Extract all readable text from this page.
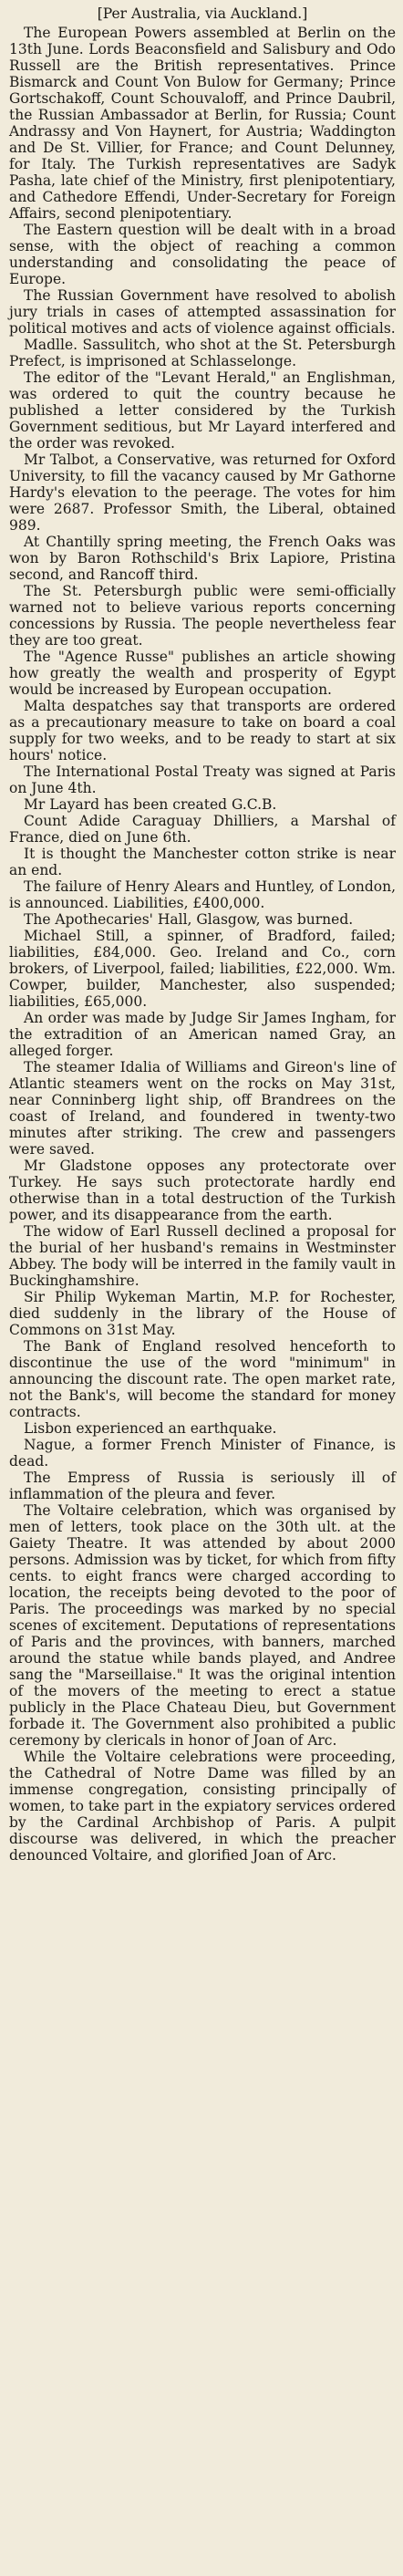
[Per Australia, via Auckland.]

The European Powers assembled at Berlin on the 13th June. Lords Beaconsfield and Salisbury and Odo Russell are the British representatives. Prince Bismarck and Count Von Bulow for Germany; Prince Gortschakoff, Count Schouvaloff, and Prince Daubril, the Russian Ambassador at Berlin, for Russia; Count Andrassy and Von Haynert, for Austria; Waddington and De St. Villier, for France; and Count Delunney, for Italy. The Turkish representatives are Sadyk Pasha, late chief of the Ministry, first plenipotentiary, and Cathedore Effendi, Under-Secretary for Foreign Affairs, second plenipotentiary.

The Eastern question will be dealt with in a broad sense, with the object of reaching a common understanding and consolidating the peace of Europe.

The Russian Government have resolved to abolish jury trials in cases of attempted assassination for political motives and acts of violence against officials.

Madlle. Sassulitch, who shot at the St. Petersburgh Prefect, is imprisoned at Schlasselonge.

The editor of the "Levant Herald," an Englishman, was ordered to quit the country because he published a letter considered by the Turkish Government seditious, but Mr Layard interfered and the order was revoked.

Mr Talbot, a Conservative, was returned for Oxford University, to fill the vacancy caused by Mr Gathorne Hardy's elevation to the peerage. The votes for him were 2687. Professor Smith, the Liberal, obtained 989.

At Chantilly spring meeting, the French Oaks was won by Baron Rothschild's Brix Lapiore, Pristina second, and Rancoff third.

The St. Petersburgh public were semi-officially warned not to believe various reports concerning concessions by Russia. The people nevertheless fear they are too great.

The "Agence Russe" publishes an article showing how greatly the wealth and prosperity of Egypt would be increased by European occupation.

Malta despatches say that transports are ordered as a precautionary measure to take on board a coal supply for two weeks, and to be ready to start at six hours' notice.

The International Postal Treaty was signed at Paris on June 4th.

Mr Layard has been created G.C.B.

Count Adide Caraguay Dhilliers, a Marshal of France, died on June 6th.

It is thought the Manchester cotton strike is near an end.

The failure of Henry Alears and Huntley, of London, is announced. Liabilities, £400,000.

The Apothecaries' Hall, Glasgow, was burned.

Michael Still, a spinner, of Bradford, failed; liabilities, £84,000. Geo. Ireland and Co., corn brokers, of Liverpool, failed; liabilities, £22,000. Wm. Cowper, builder, Manchester, also suspended; liabilities, £65,000.

An order was made by Judge Sir James Ingham, for the extradition of an American named Gray, an alleged forger.

The steamer Idalia of Williams and Gireon's line of Atlantic steamers went on the rocks on May 31st, near Conninberg light ship, off Brandrees on the coast of Ireland, and foundered in twenty-two minutes after striking. The crew and passengers were saved.

Mr Gladstone opposes any protectorate over Turkey. He says such protectorate hardly end otherwise than in a total destruction of the Turkish power, and its disappearance from the earth.

The widow of Earl Russell declined a proposal for the burial of her husband's remains in Westminster Abbey. The body will be interred in the family vault in Buckinghamshire.

Sir Philip Wykeman Martin, M.P. for Rochester, died suddenly in the library of the House of Commons on 31st May.

The Bank of England resolved henceforth to discontinue the use of the word "minimum" in announcing the discount rate. The open market rate, not the Bank's, will become the standard for money contracts.

Lisbon experienced an earthquake.

Nague, a former French Minister of Finance, is dead.

The Empress of Russia is seriously ill of inflammation of the pleura and fever.

The Voltaire celebration, which was organised by men of letters, took place on the 30th ult. at the Gaiety Theatre. It was attended by about 2000 persons. Admission was by ticket, for which from fifty cents. to eight francs were charged according to location, the receipts being devoted to the poor of Paris. The proceedings was marked by no special scenes of excitement. Deputations of representations of Paris and the provinces, with banners, marched around the statue while bands played, and Andree sang the "Marseillaise." It was the original intention of the movers of the meeting to erect a statue publicly in the Place Chateau Dieu, but Government forbade it. The Government also prohibited a public ceremony by clericals in honor of Joan of Arc.

While the Voltaire celebrations were proceeding, the Cathedral of Notre Dame was filled by an immense congregation, consisting principally of women, to take part in the expiatory services ordered by the Cardinal Archbishop of Paris. A pulpit discourse was delivered, in which the preacher denounced Voltaire, and glorified Joan of Arc.
